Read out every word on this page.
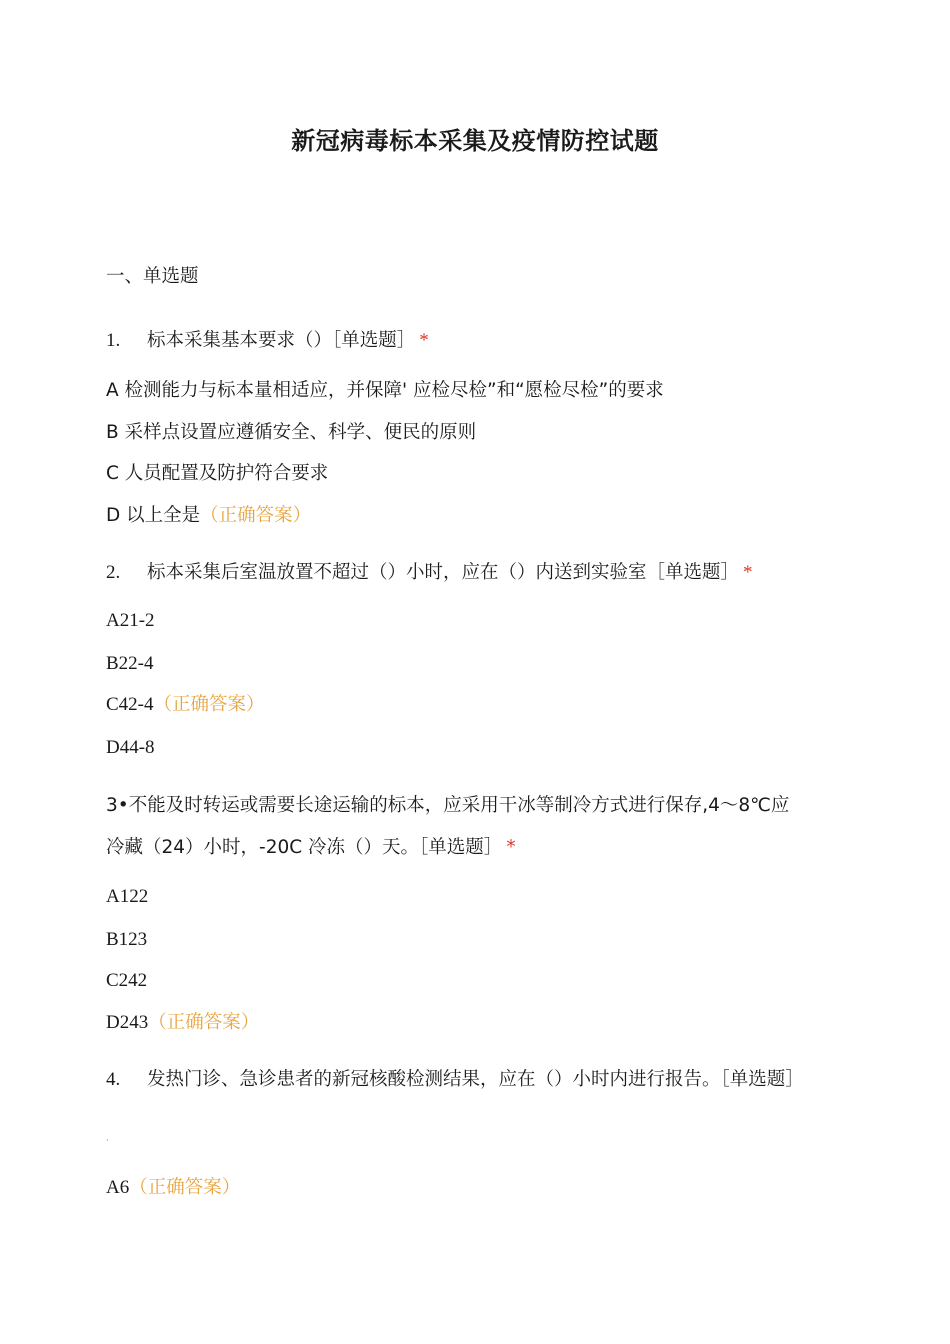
新冠病毒标本采集及疫情防控试题
一、单选题
1. 标本采集基本要求（）［单选题］ *
A 检测能力与标本量相适应，并保障' 应检尽检”和“愿检尽检”的要求
B 采样点设置应遵循安全、科学、便民的原则
C 人员配置及防护符合要求
D 以上全是（正确答案）
2. 标本采集后室温放置不超过（）小时，应在（）内送到实验室［单选题］ *
A21-2
B22-4
C42-4（正确答案）
D44-8
3•不能及时转运或需要长途运输的标本，应采用干冰等制冷方式进行保存,4〜8℃应
冷藏（24）小时，-20C 冷冻（）天。［单选题］ *
A122
B123
C242
D243（正确答案）
4. 发热门诊、急诊患者的新冠核酸检测结果，应在（）小时内进行报告。［单选题］
·
A6（正确答案）
